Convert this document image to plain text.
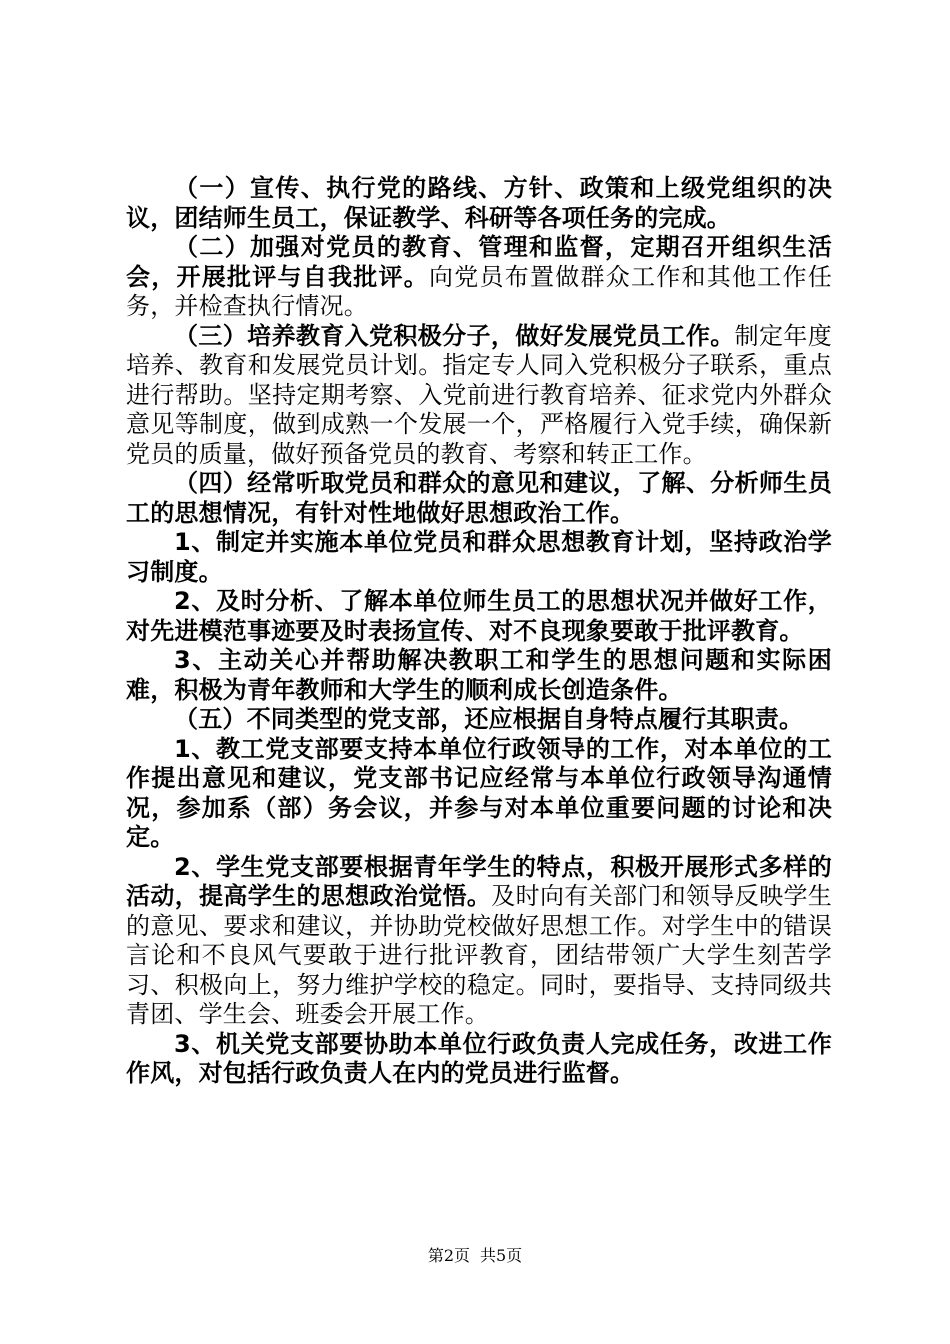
（一）宣传、执行党的路线、方针、政策和上级党组织的决议，团结师生员工，保证教学、科研等各项任务的完成。

（二）加强对党员的教育、管理和监督，定期召开组织生活会，开展批评与自我批评。向党员布置做群众工作和其他工作任务，并检查执行情况。

（三）培养教育入党积极分子，做好发展党员工作。制定年度培养、教育和发展党员计划。指定专人同入党积极分子联系，重点进行帮助。坚持定期考察、入党前进行教育培养、征求党内外群众意见等制度，做到成熟一个发展一个，严格履行入党手续，确保新党员的质量，做好预备党员的教育、考察和转正工作。

（四）经常听取党员和群众的意见和建议，了解、分析师生员工的思想情况，有针对性地做好思想政治工作。

1、制定并实施本单位党员和群众思想教育计划，坚持政治学习制度。

2、及时分析、了解本单位师生员工的思想状况并做好工作，对先进模范事迹要及时表扬宣传、对不良现象要敢于批评教育。

3、主动关心并帮助解决教职工和学生的思想问题和实际困难，积极为青年教师和大学生的顺利成长创造条件。

（五）不同类型的党支部，还应根据自身特点履行其职责。

1、教工党支部要支持本单位行政领导的工作，对本单位的工作提出意见和建议，党支部书记应经常与本单位行政领导沟通情况，参加系（部）务会议，并参与对本单位重要问题的讨论和决定。

2、学生党支部要根据青年学生的特点，积极开展形式多样的活动，提高学生的思想政治觉悟。及时向有关部门和领导反映学生的意见、要求和建议，并协助党校做好思想工作。对学生中的错误言论和不良风气要敢于进行批评教育，团结带领广大学生刻苦学习、积极向上，努力维护学校的稳定。同时，要指导、支持同级共青团、学生会、班委会开展工作。

3、机关党支部要协助本单位行政负责人完成任务，改进工作作风，对包括行政负责人在内的党员进行监督。

第2页 共5页
